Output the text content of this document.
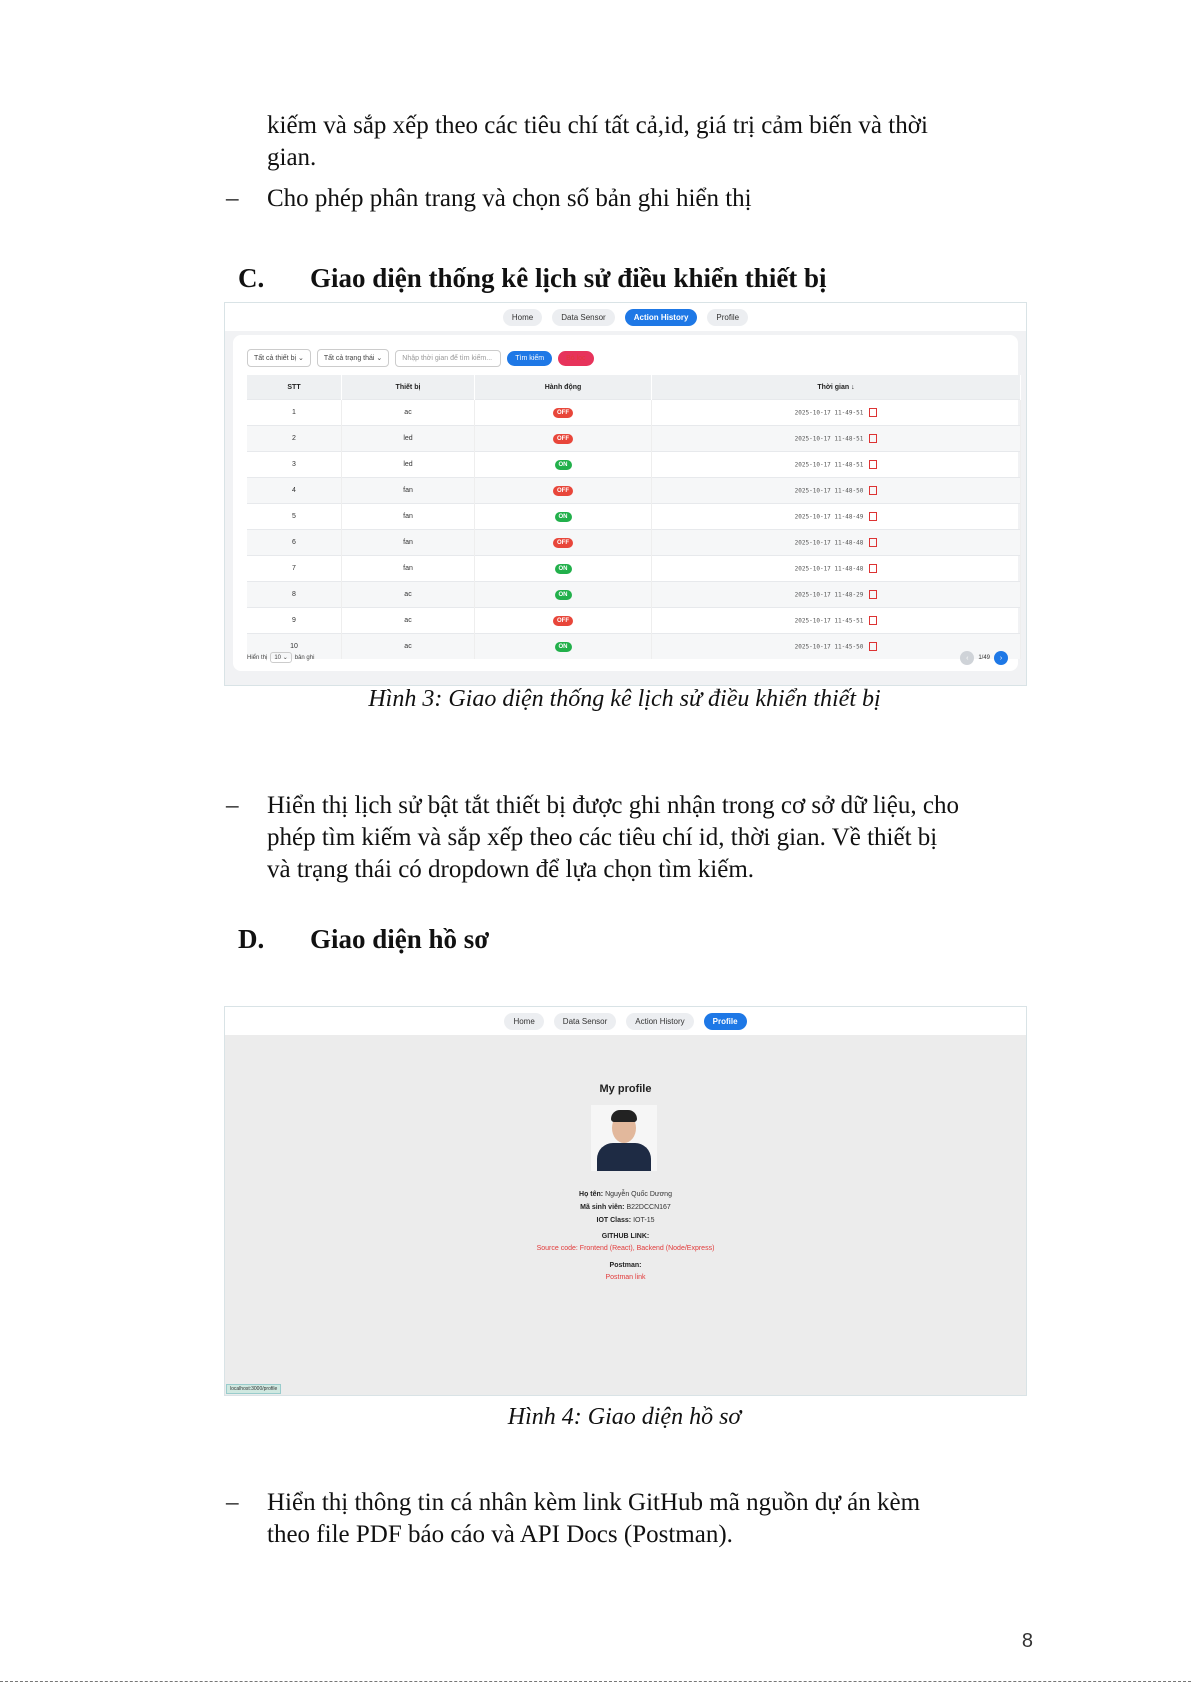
kiếm và sắp xếp theo các tiêu chí tất cả,id, giá trị cảm biến và thời
gian.
– Cho phép phân trang và chọn số bản ghi hiển thị
C. Giao diện thống kê lịch sử điều khiển thiết bị
Home	Data Sensor	Action History	Profile
Tất cả thiết bị ⌄	Tất cả trạng thái ⌄	Nhập thời gian để tìm kiếm...	Tìm kiếm	Bỏ lọc
STT	Thiết bị	Hành động	Thời gian ↓
1	ac	OFF	2025-10-17 11-49-51
2	led	OFF	2025-10-17 11-48-51
3	led	ON	2025-10-17 11-48-51
4	fan	OFF	2025-10-17 11-48-50
5	fan	ON	2025-10-17 11-48-49
6	fan	OFF	2025-10-17 11-48-48
7	fan	ON	2025-10-17 11-48-48
8	ac	ON	2025-10-17 11-48-29
9	ac	OFF	2025-10-17 11-45-51
10	ac	ON	2025-10-17 11-45-50
Hiển thị	10 ⌄	bản ghi	‹	1/49	›
Hình 3: Giao diện thống kê lịch sử điều khiển thiết bị
– Hiển thị lịch sử bật tắt thiết bị được ghi nhận trong cơ sở dữ liệu, cho
phép tìm kiếm và sắp xếp theo các tiêu chí id, thời gian. Về thiết bị
và trạng thái có dropdown để lựa chọn tìm kiếm.
D. Giao diện hồ sơ
Home	Data Sensor	Action History	Profile
My profile
Họ tên: Nguyễn Quốc Dương
Mã sinh viên: B22DCCN167
IOT Class: IOT-15
GITHUB LINK:
Source code: Frontend (React), Backend (Node/Express)
Postman:
Postman link
localhost:3000/profile
Hình 4: Giao diện hồ sơ
– Hiển thị thông tin cá nhân kèm link GitHub mã nguồn dự án kèm
theo file PDF báo cáo và API Docs (Postman).
8
